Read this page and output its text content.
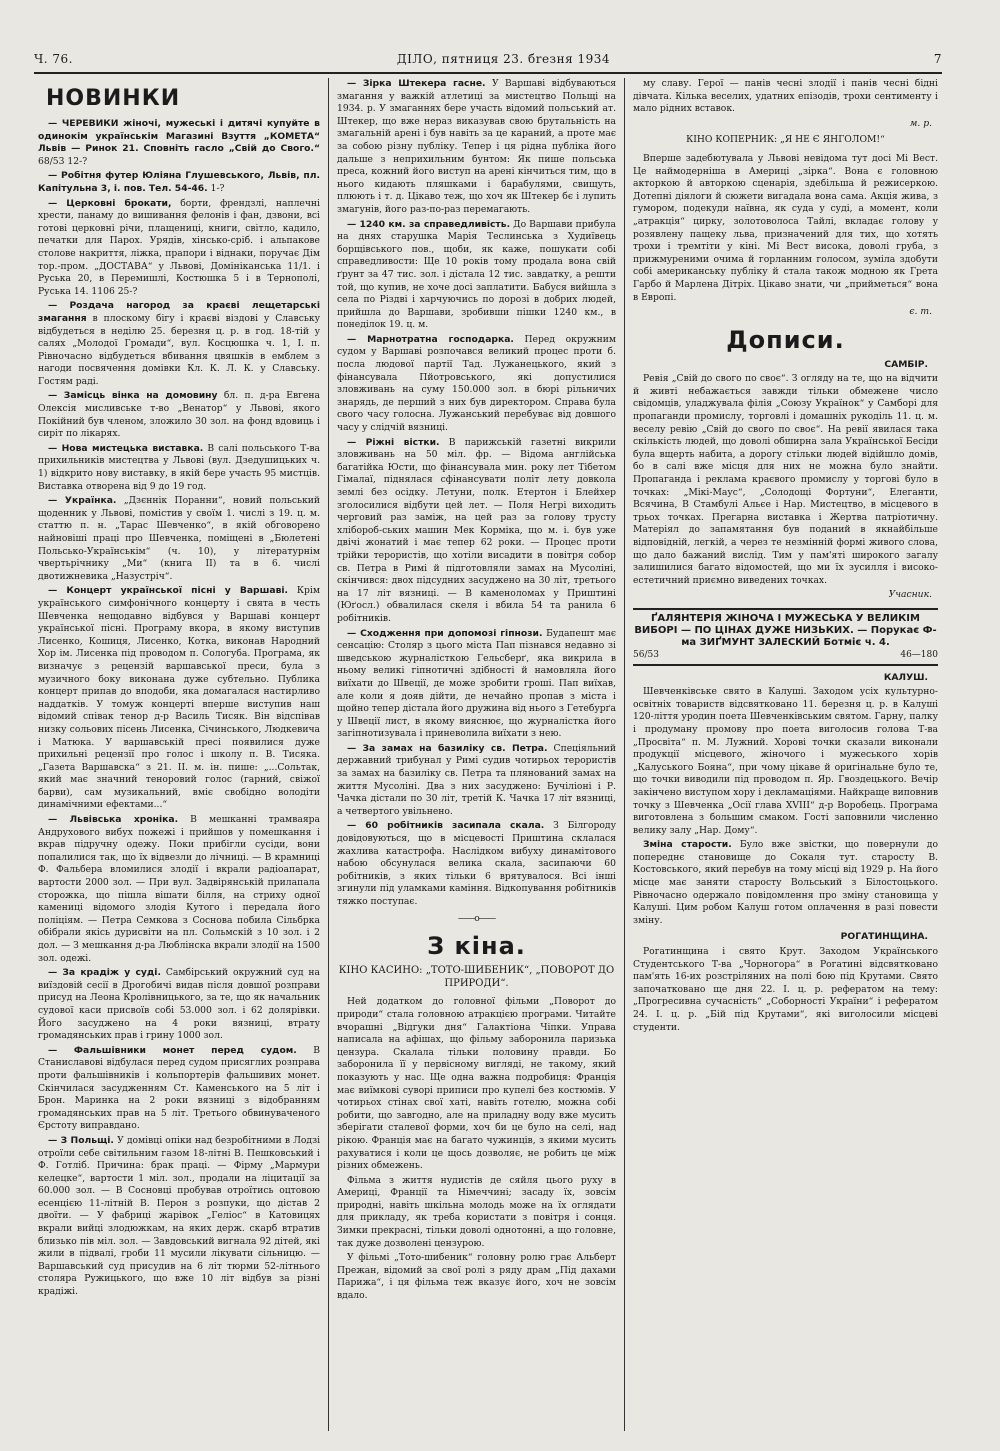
Ч. 76.	ДІЛО, пятниця 23. бreзня 1934	7
НОВИНКИ

— ЧЕРЕВИКИ жіночі, мужеські і дитячі купуйте в одинокім українськім Магазині Взуття „КОМЕТА“ Львів — Ринок 21. Сповніть гасло „Свій до Свого.“ 68/53 12-?

— Робітня футер Юліяна Глушевського, Львів, пл. Капітульна 3, і. пов. Тел. 54-46. 1-?

— Церковні брокати, борти, френдзлі, наплечні хрести, панамy до вишивання фелонів і фан, дзвони, всі готові церковні річи, плащениці, книги, світло, кадило, печатки для Парох. Урядів, хінсько-сріб. і альпакове столове накриття, ліжка, прапори і віднаки, поручає Дім тор.-пром. „ДОСТАВА“ у Львові, Домініканська 11/1. і Руська 20, в Перемишлі, Костюшка 5 і в Тернополі, Руська 14. 1106 25-?

— Роздача нагород за краєві лещетарські змагання в плоскому бігу і краєві віздові у Славську відбудеться в неділю 25. березня ц. р. в год. 18-тій у салях „Молодої Громади“, вул. Косцюшка ч. 1, I. п. Рівночасно відбудеться вбивання цвяшків в емблем з нагоди посвячення домівки Кл. К. Л. К. у Славську. Гостям раді.

— Замісць вінка на домовину бл. п. д-ра Евгена Олексія мисливське т-во „Венатор“ у Львові, якого Покійний був членом, зложило 30 зол. на фонд вдовиць і сиріт по лікарях.

— Нова мистецька виставка. В салі польського Т-ва прихильників мистецтва у Львові (вул. Дзедушицьких ч. 1) відкрито нову виставку, в якій бере участь 95 мистців. Виставка отворена від 9 до 19 год.

— Українка. „Дзєннік Поранни“, новий польський щоденник у Львові, помістив у своїм 1. числі з 19. ц. м. статтю п. н. „Тарас Шевченко“, в якій обговорено найновіші праці про Шевченка, поміщені в „Бюлетені Польсько-Українськім“ (ч. 10), у літературнім чвертьрічнику „Ми“ (книга II) та в 6. числі двотижневика „Назустріч“.

— Концерт української пісні у Варшаві. Крім українського симфонічного концерту і свята в честь Шевченка нещодавно відбувся у Варшаві концерт української пісні. Програму вкорa, в якому виступив Лисенко, Кошиця, Лисенко, Котка, виконав Народний Хор ім. Лисенка під проводом п. Сологуба. Програма, як визначує з рецензій варшавської преси, була з музичного боку виконана дуже субтельно. Публика концерт припав до вподоби, яка домагалася настирливо наддатків. У томуж концерті вперше виступив наш відомий співак тенор д-р Василь Тисяк. Він відспівав низку сольових пісень Лисенка, Січинського, Людкевича і Матюка. У варшавській пресі появилися дуже прихильні рецензії про голос і школу п. В. Тисяка. „Газета Варшавска“ з 21. II. м. ін. пише: „...Сольтак, який має значний тенорoвий голос (гарний, свіжої барви), сам музикальний, вміє свобідно володіти динамічними ефектами...“

— Львівська хроніка. В мешканні трамваяра Андрухового вибух пожежі і прийшов у помешкання і вкрав підручну одежу. Поки прибігли сусіди, вони попалилися так, що їх відвезли до лічниці. — В крамниці Ф. Фальбера вломилися злодії і вкрали радіоапарат, вартости 2000 зол. — При вул. Задвірянській прилапала сторожка, що пішла вішати білля, на стриху одної камениці відомого злодія Кутого і передала його поліціям. — Петра Семкова з Соснова побила Сільбрка обібрали якісь дурисвіти на пл. Сольмскій з 10 зол. і 2 дол. — З мешкання д-ра Люблінскa вкрали злодії на 1500 зол. одежі.

— За крадіж у суді. Самбірський окружний суд на виїздовій сесії в Дрогобичі видав після довшої розправи присуд на Леона Кролівницького, за те, що як начальник судової каси присвоїв собі 53.000 зол. і 62 долярівки. Його засуджено на 4 роки вязниці, втрату громадянських прав і грину 1000 зол.

— Фальшівники монет перед судом. В Станиславові відбулася перед судом присяглих розправа проти фальшівників і кольпортерів фальшивих монет. Скінчилася засудженням Ст. Каменського на 5 літ і Брон. Маринка на 2 роки вязниці з відобранням громадянських прав на 5 літ. Третього обвинуваченого Єрстоту виправдано.

— З Польщі. У домівці опіки над безробітними в Лодзі отроїли себе світильним газом 18-літні В. Пешковський і Ф. Готліб. Причина: брак праці. — Фірму „Мармури келецке“, вартости 1 міл. зол., продали на ліцитації за 60.000 зол. — В Сосновці пробував отроїтись оцтовою есенцією 11-літній В. Перон з розпуки, що дістав 2 двоїти. — У фабриці жарівок „Геліос“ в Катовицях вкрали вийці злодюжкам, на яких держ. скарб втратив близько пів міл. зол. — Завдовський вигнала 92 дітей, які жили в підвалі, гроби 11 мусили лікувати сільницю. — Варшавський суд присудив на 6 літ тюрми 52-літнього столяра Ружицького, що вже 10 літ вiдбув за різні крадіжі.

— Зірка Штекера гасне. У Варшаві відбуваються змагання у важкій атлетиці за мистецтво Польщі на 1934. р. У змаганнях бере участь відомий польський ат. Штекер, що вже нераз виказував свою брутальність на змагальній арені і був навіть за це караний, а проте має за собою різну публіку. Тепер і ця рідна публіка його дальше з неприхильним бунтом: Як пише польська преса, кожний його виступ на арені кінчиться тим, що в нього кидають пляшками і барабулями, свищуть, плюють і т. д. Цікаво теж, що хоч як Штекер бє і лупить змагунів, його раз-по-раз перемагають.

— 1240 км. за справедливість. До Варшави прибула на днях старушка Марія Теслинська з Худиївець борщівського пов., щоби, як каже, пошукати собі справедливости: Ще 10 років тому продала вона свій ґрунт за 47 тис. зол. і дістала 12 тис. завдатку, а решти той, що купив, не хоче досі заплатити. Бабуся вийшла з села по Різдві і харчуючись по дорозі в добрих людей, прийшла до Варшави, зробивши пішки 1240 км., в понеділок 19. ц. м.

— Марнотратна господарка. Перед окружним судом у Варшаві розпочався великий процес проти б. посла людової партії Тад. Лужанецького, який з фінансувала Пйотровського, які допустилися зловживань на суму 150.000 зол. в бюрі рільничих знарядь, де перший з них був директором. Справа була свого часу голосна. Лужанський перебуває від довшого часу у слідчій вязниці.

— Ріжні вістки. В парижській газетні викрили зловживань на 50 міл. фр. — Відома англійська багатійка Юсти, що фінансувала мин. року лет Тібетом Гімалаї, піднялася сфінансувати політ лету довкола землі без осідку. Летуни, полк. Етертон і Блейхер зголосилися відбути цей лет. — Поля Негрі виходить черговий раз заміж, на цей раз за голову трусту хлібороб-ських машин Мек Корміка, що м. і. був уже двічі жонатий і має тепер 62 роки. — Процес проти трійки терористів, що хотіли висадити в повітря собор св. Петра в Римі й підготовляли замах на Мусоліні, скінчився: двох підсудних засуджено на 30 літ, третього на 17 літ вязниці. — В каменоломах у Приштині (Юґосл.) обвалилася скеля і вбила 54 та ранила 6 робітників.

— Сходження при допомозі гіпнози. Будапешт має сенсацію: Столяр з цього міста Пап пізнався недавно зі шведською журналісткою Гельсберґ, яка викрила в ньому великі гіпнотичні здібності й намовляла його виїхати до Швеції, де може зробити гроші. Пап виїхав, але коли я дояв дійти, де нечайно пропав з міста і щойно тепер дістала його дружина від нього з Гетебурґа у Швеції лист, в якому вияснює, що журналістка його загіпнотизувала і приневолила виїхати з нею.

— За замах на базиліку св. Петра. Спеціяльний державний трибунал у Римі судив чотирьох терористів за замах на базиліку св. Петра та плянований замах на життя Мусоліні. Два з них засуджено: Бучіліоні і Р. Чачка дістали по 30 літ, третій К. Чачка 17 літ вязниці, а четвертого увільнено.

— 60 робітників засипала скала. З Білгороду довідовуються, що в місцевості Приштина склалася жахлива катастрофа. Наслідком вибуху динамітового набою обсунулася велика скала, засипаючи 60 робітників, з яких тільки 6 врятувалося. Всі інші згинули під уламками каміння. Відкопування робітників тяжко поступає.

——o——
З кіна.
КІНО КАСИНО: „ТОТО-ШИБЕНИК“, „ПОВОРОТ ДО ПРИРОДИ“.

Ней додатком до головної фільми „Поворот до природи“ стала головною атракцією програми. Читайте вчорашні „Відгуки дня“ Галактіона Чіпки. Управа написала на афішах, що фільму заборонила паризька цензура. Скалала тільки половину правди. Бо заборонила її у первісному виглядi, не такому, який показують у нас. Ще одна важна подробиця: Франція має виїмкові суворі приписи про купелі без костюмів. У чотирьох стінах свої хаті, навіть готелю, можна собі робити, що завгодно, але на приладну воду вже мусить зберігати сталевої форми, хоч би це було на селі, над рікою. Франція має на багато чужинців, з якими мусить рахуватися і коли це щось дозволяє, не робить це між різних обмежень.

Фільма з життя нудистів де сяйля цього руху в Америці, Франції та Німеччині; засаду їх, зовсім природні, навіть шкільна молодь може на їх оглядати для прикладу, як треба користати з повітря і сонця. Зимки прекрасні, тільки доволі однотонні, а що головне, так дуже дозволені цензурою.

У фільмі „Тото-шибеник“ головну ролю грає Альберт Прежан, відомий за свої ролі з ряду драм „Під дахами Парижа“, і ця фільма теж вказує його, хоч не зовсім вдало.

му славу. Герої — панів чесні злодії і панів чесні бідні дівчата. Кілька веселих, удатних епізодів, трохи сентименту і мало рідних вставок.

м. р.
КІНО КОПЕРНИК: „Я НЕ Є ЯНГОЛОМ!“

Вперше задебютувала у Львові невідома тут досі Мі Вест. Це наймодерніша в Америці „зірка“. Вона є головною акторкою й авторкою сценарія, здебільша й режисеркою. Дотепні діялоги й сюжети вигадала вона сама. Акція жива, з гумором, подекуди наївна, як суда у суді, а момент, коли „атракція“ цирку, золотоволоса Тайлі, вкладає голову у розявлену пащеку льва, призначений для тих, що хотять трохи і тремтіти у кіні. Мі Вест висока, доволі груба, з прижмуреними очима й горланним голосом, зуміла здобути собі американську публіку й стала також модною як Грета Гарбо й Марлена Дітріх. Цікаво знати, чи „прийметься“ вона в Европі.

є. т.
Дописи.
САМБІР.

Ревія „Свій до свого по своє“. З огляду на те, що на відчити й живті небажається завжди тільки обмежене число свідомців, уладжувала філія „Союзу Українок“ у Самборі для пропаганди промислу, торговлі і домашніх рукоділь 11. ц. м. веселу ревію „Свій до свого по своє“. На ревії явилася така скількість людей, що доволі обширна зала Української Бесіди була вщерть набита, а дорогу стільки людей відійшло домів, бо в салі вже місця для них не можна було знайти. Пропаганда і реклама краєвого промислу у торгові було в точках: „Мікі-Маус“, „Солодощі Фортуни“, Елеганти, Всячина, В Стамбулі Альєе і Нар. Мистецтво, в місцевого в трьох точках. Прегарна виставка і Жертва патріотичну. Матеріял до запамятання був поданий в якнайбільше відповідній, легкій, а через те незмінній формі живого слова, що дало бажаний вислід. Тим у пам'яті широкого загалу залишилися багато відомостей, що ми їх зусилля і високо-естетичний приємно виведених точках.

Учасник.
ҐАЛЯНТЕРІЯ ЖІНОЧА І МУЖЕСЬКА У ВЕЛИКІМ ВИБОРІ — ПО ЦІНАХ ДУЖЕ НИЗЬКИХ. — Порукає Ф-ма ЗИҐМУНТ ЗАЛЕСКИЙ Ботміє ч. 4.
56/53	46—180
КАЛУШ.

Шевченківське свято в Калуші. Заходом усіх культурно-освітніх товариств відсвятковано 11. березня ц. р. в Калуші 120-ліття уродин поета Шевченківським святом. Гарну, палку і продуману промову про поета виголосив голова Т-ва „Просвіта“ п. М. Лужний. Хорові точки сказали виконали продукції місцевого, жіночого і мужеського хорів „Калуського Бояна“, при чому цікаве й оригінальне було те, що точки виводили під проводом п. Яр. Гвоздецького. Вечір закінчено виступом хору і декламаціями. Найкраще виповнив точку з Шевченка „Осії глава XVIII“ д-р Воробець. Програма виготовлена з большим смаком. Гості заповнили численно велику залу „Нар. Дому“.

Зміна старости. Було вже звістки, що повернули до попереднє становище до Сокаля тут. старосту В. Костовського, який перебув на тому місці від 1929 р. На його місце має заняти старосту Вольський з Білостоцького. Рівночасно одержало повідомлення про зміну становища у Калуші. Цим робом Калуш готом оплачення в разі повести зміну.

РОГАТИНЩИНА.

Рогатинщина і свято Крут. Заходом Українського Студентського Т-ва „Чорногора“ в Рогатині відсвятковано пам'ять 16-их розстріляних на полі бою під Крутами. Свято започатковано ще дня 22. I. ц. р. рефератом на тему: „Прогресивна сучасність“ „Соборності України“ і рефератом 24. I. ц. р. „Бій під Крутами“, які виголосили місцеві студенти.
